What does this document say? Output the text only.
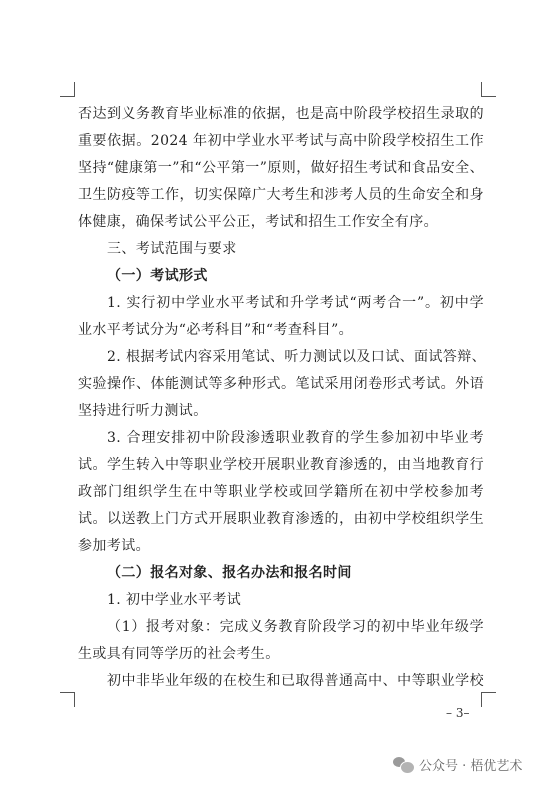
否达到义务教育毕业标准的依据，也是高中阶段学校招生录取的
重要依据。2024 年初中学业水平考试与高中阶段学校招生工作
坚持“健康第一”和“公平第一”原则，做好招生考试和食品安全、
卫生防疫等工作，切实保障广大考生和涉考人员的生命安全和身
体健康，确保考试公平公正，考试和招生工作安全有序。
三、考试范围与要求
（一）考试形式
1. 实行初中学业水平考试和升学考试“两考合一”。初中学
业水平考试分为“必考科目”和“考查科目”。
2. 根据考试内容采用笔试、听力测试以及口试、面试答辩、
实验操作、体能测试等多种形式。笔试采用闭卷形式考试。外语
坚持进行听力测试。
3. 合理安排初中阶段渗透职业教育的学生参加初中毕业考
试。学生转入中等职业学校开展职业教育渗透的，由当地教育行
政部门组织学生在中等职业学校或回学籍所在初中学校参加考
试。以送教上门方式开展职业教育渗透的，由初中学校组织学生
参加考试。
（二）报名对象、报名办法和报名时间
1. 初中学业水平考试
（1）报考对象：完成义务教育阶段学习的初中毕业年级学
生或具有同等学历的社会考生。
初中非毕业年级的在校生和已取得普通高中、中等职业学校
– 3–
公众号 · 梧优艺术
